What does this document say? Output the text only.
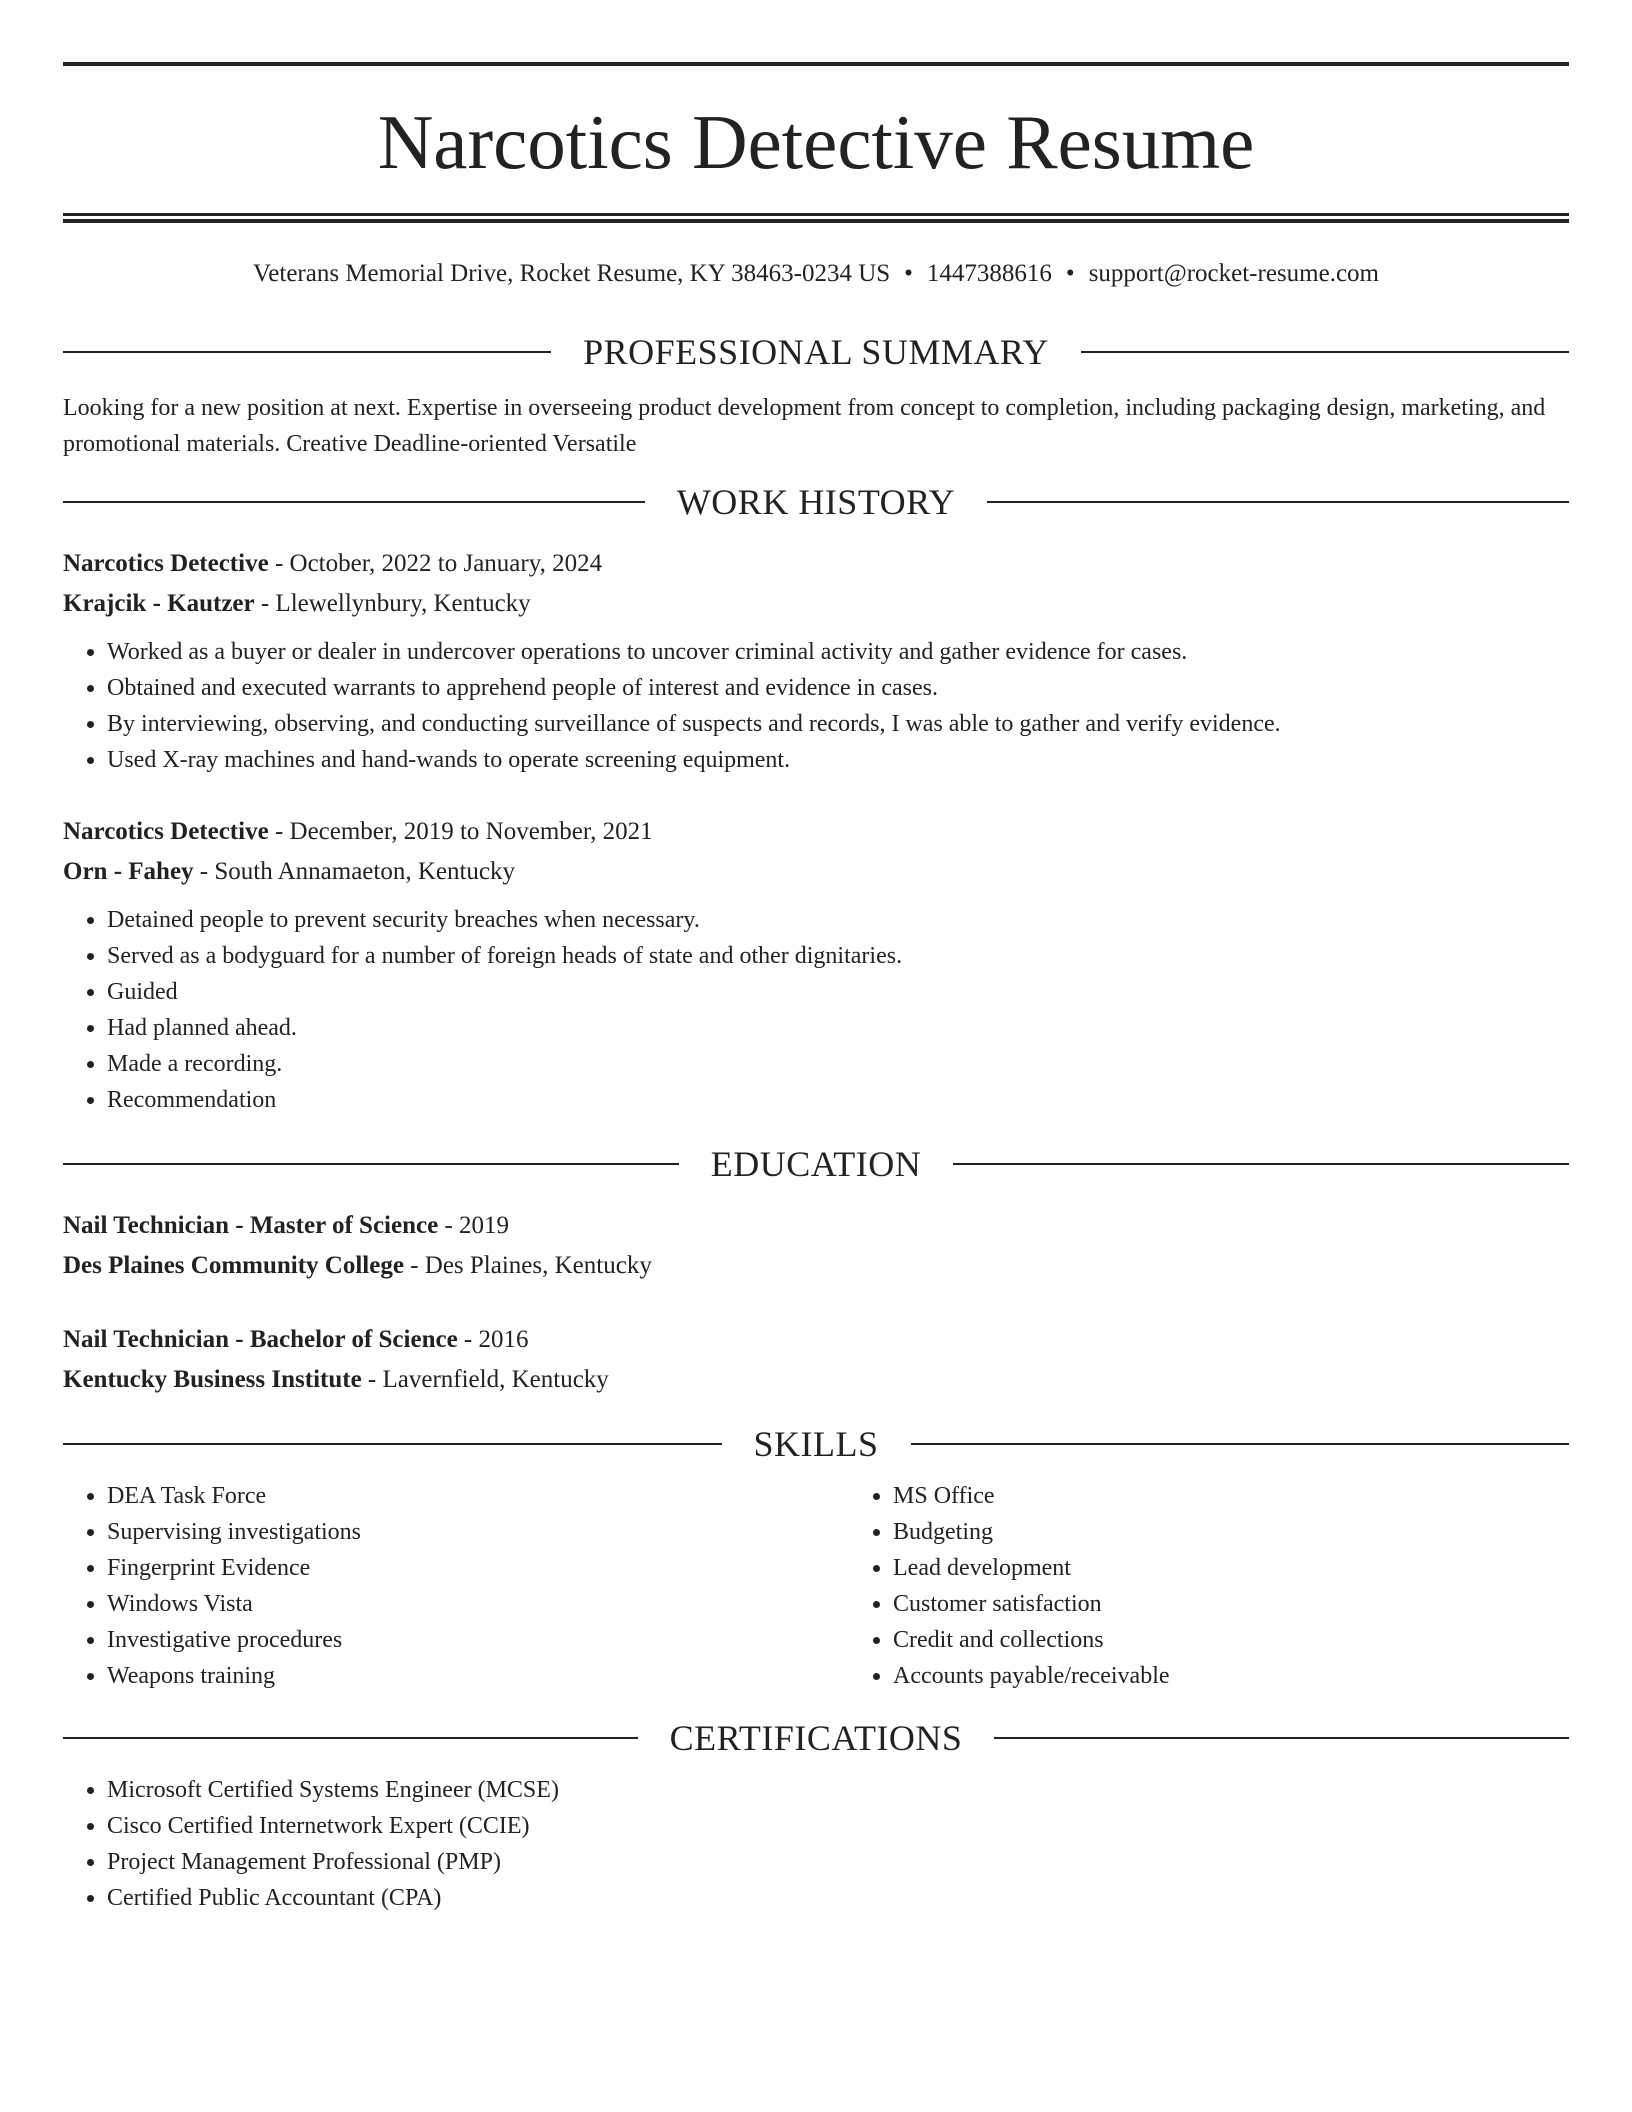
Narcotics Detective Resume
Veterans Memorial Drive, Rocket Resume, KY 38463-0234 US • 1447388616 • support@rocket-resume.com
PROFESSIONAL SUMMARY
Looking for a new position at next. Expertise in overseeing product development from concept to completion, including packaging design, marketing, and promotional materials. Creative Deadline-oriented Versatile
WORK HISTORY
Narcotics Detective - October, 2022 to January, 2024
Krajcik - Kautzer - Llewellynbury, Kentucky
• Worked as a buyer or dealer in undercover operations to uncover criminal activity and gather evidence for cases.
• Obtained and executed warrants to apprehend people of interest and evidence in cases.
• By interviewing, observing, and conducting surveillance of suspects and records, I was able to gather and verify evidence.
• Used X-ray machines and hand-wands to operate screening equipment.
Narcotics Detective - December, 2019 to November, 2021
Orn - Fahey - South Annamaeton, Kentucky
• Detained people to prevent security breaches when necessary.
• Served as a bodyguard for a number of foreign heads of state and other dignitaries.
• Guided
• Had planned ahead.
• Made a recording.
• Recommendation
EDUCATION
Nail Technician - Master of Science - 2019
Des Plaines Community College - Des Plaines, Kentucky
Nail Technician - Bachelor of Science - 2016
Kentucky Business Institute - Lavernfield, Kentucky
SKILLS
• DEA Task Force
• Supervising investigations
• Fingerprint Evidence
• Windows Vista
• Investigative procedures
• Weapons training
• MS Office
• Budgeting
• Lead development
• Customer satisfaction
• Credit and collections
• Accounts payable/receivable
CERTIFICATIONS
• Microsoft Certified Systems Engineer (MCSE)
• Cisco Certified Internetwork Expert (CCIE)
• Project Management Professional (PMP)
• Certified Public Accountant (CPA)
